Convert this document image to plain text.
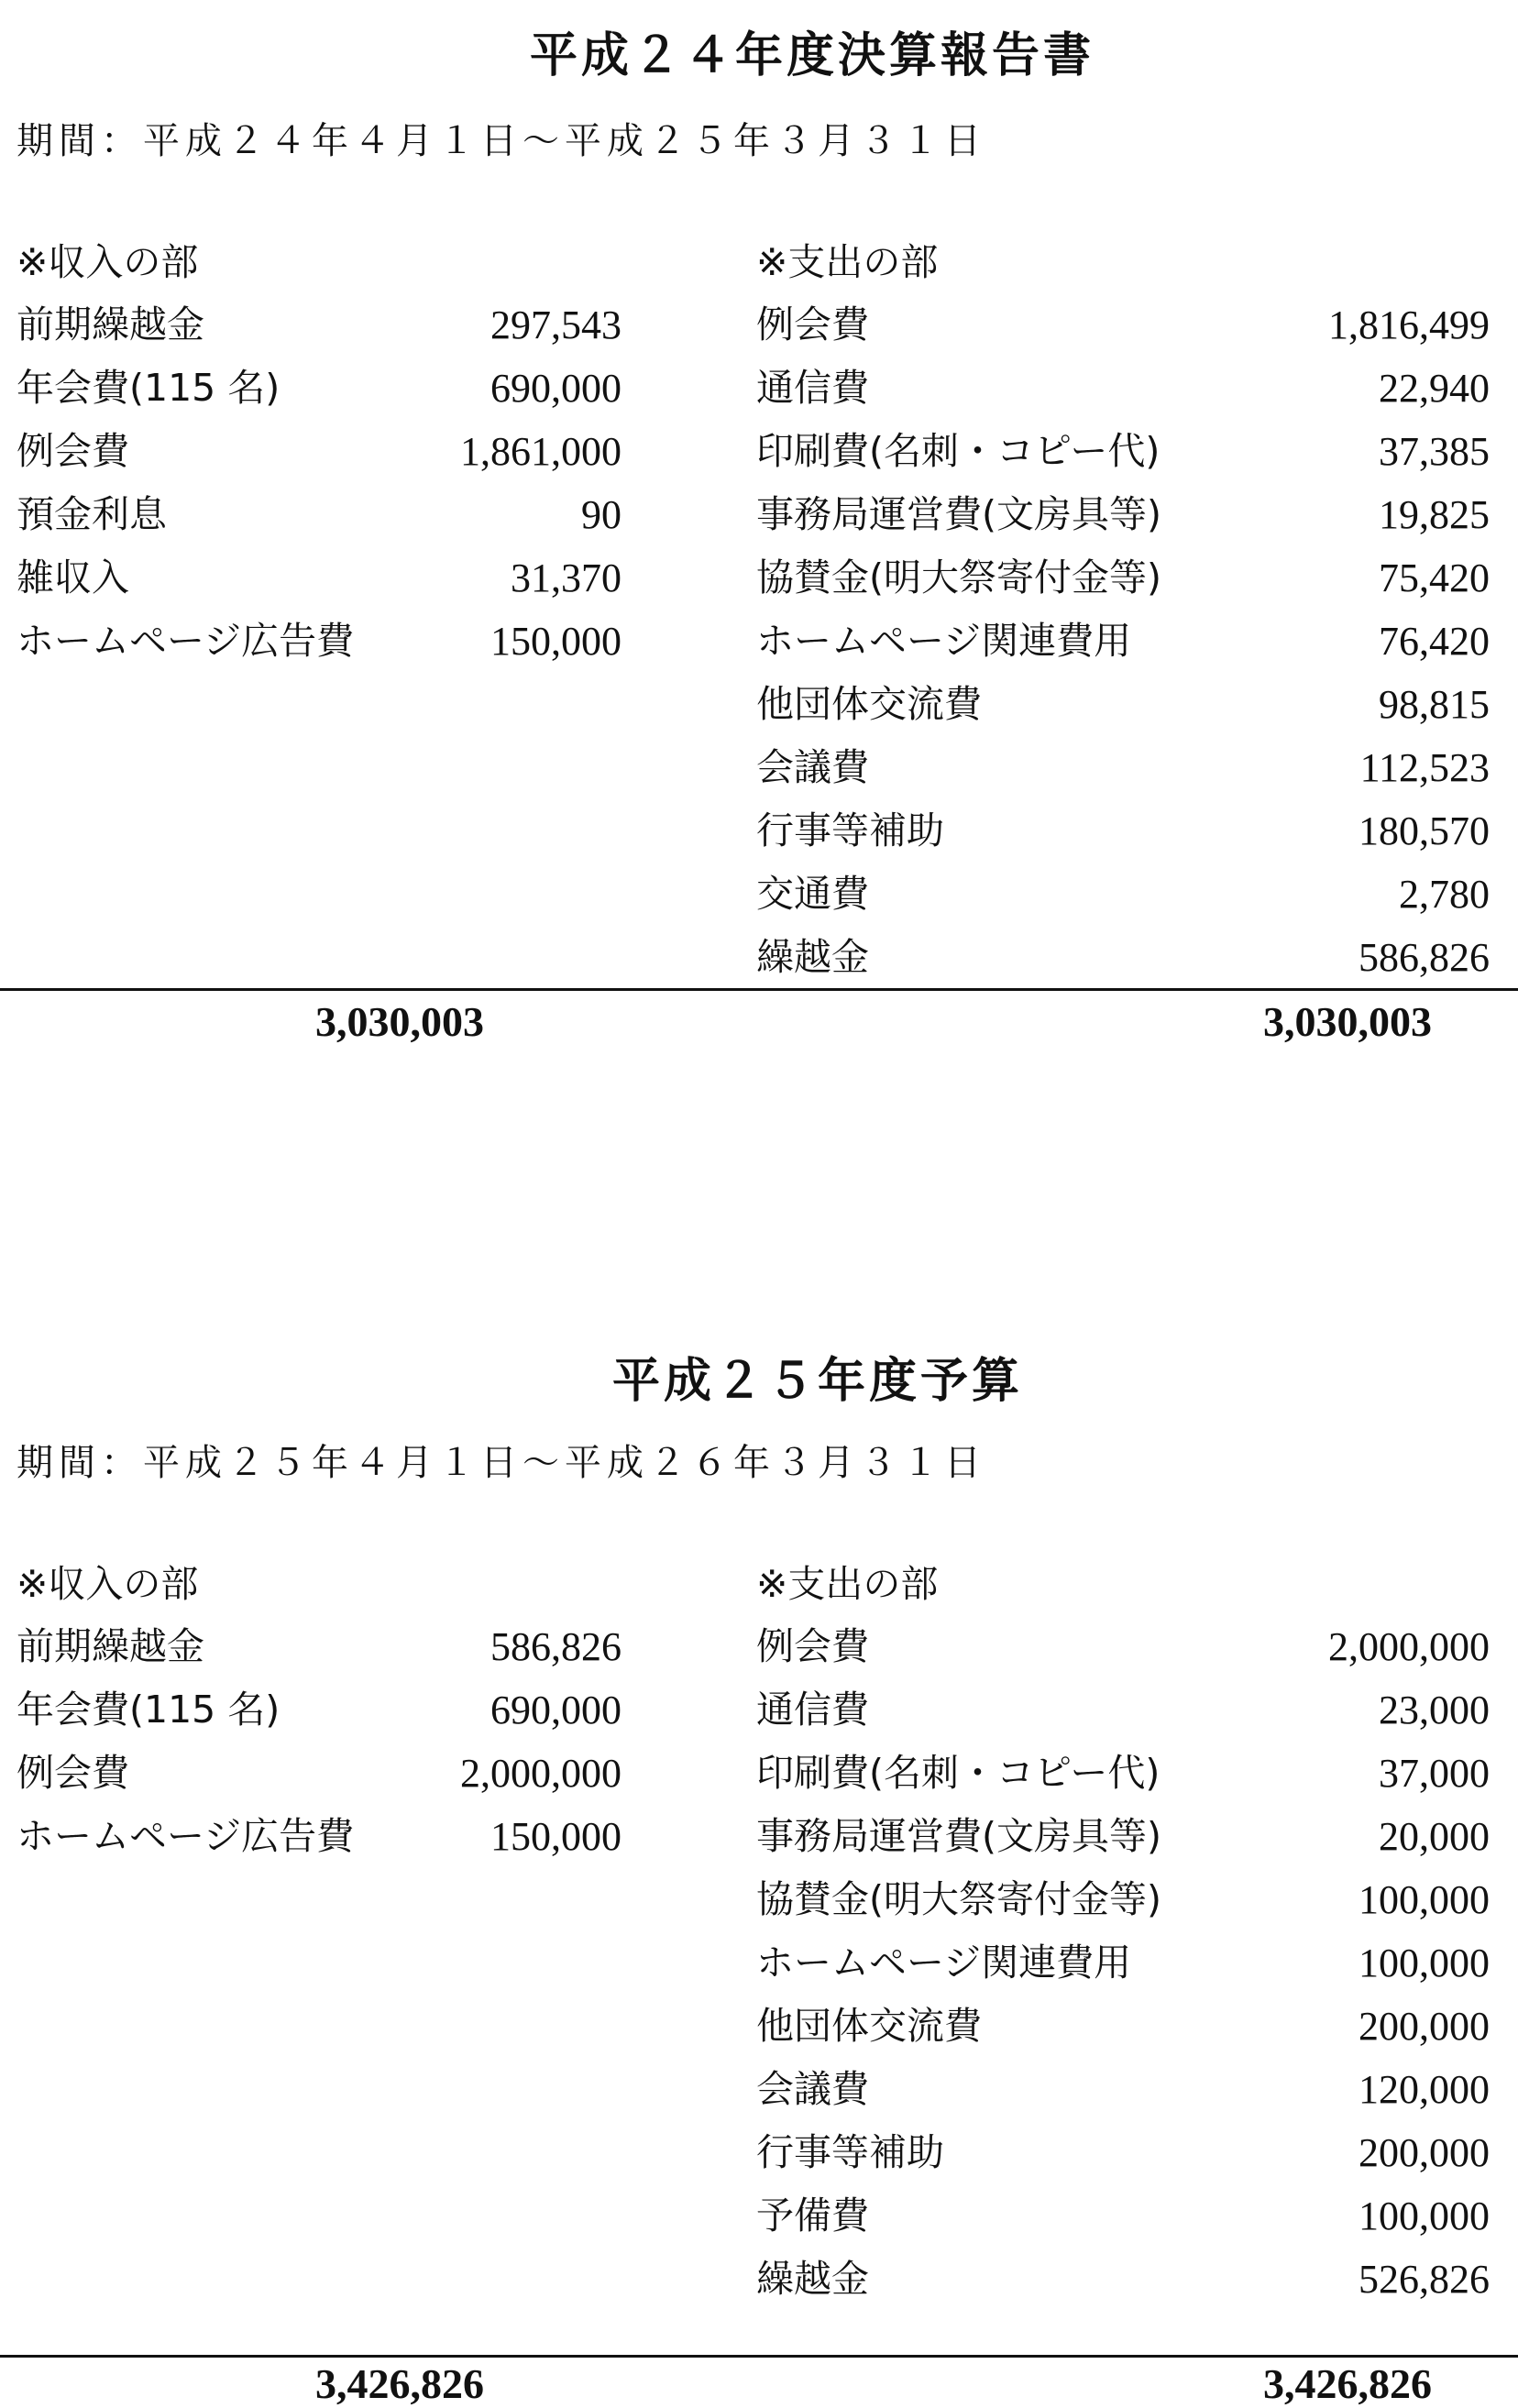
平成２４年度決算報告書
期間：平成２４年４月１日～平成２５年３月３１日
※収入の部
前期繰越金	297,543
年会費(115 名)	690,000
例会費	1,861,000
預金利息	90
雑収入	31,370
ホームページ広告費	150,000
※支出の部
例会費	1,816,499
通信費	22,940
印刷費(名刺・コピー代)	37,385
事務局運営費(文房具等)	19,825
協賛金(明大祭寄付金等)	75,420
ホームページ関連費用	76,420
他団体交流費	98,815
会議費	112,523
行事等補助	180,570
交通費	2,780
繰越金	586,826
3,030,003	3,030,003
平成２５年度予算
期間：平成２５年４月１日～平成２６年３月３１日
※収入の部
前期繰越金	586,826
年会費(115 名)	690,000
例会費	2,000,000
ホームページ広告費	150,000
※支出の部
例会費	2,000,000
通信費	23,000
印刷費(名刺・コピー代)	37,000
事務局運営費(文房具等)	20,000
協賛金(明大祭寄付金等)	100,000
ホームページ関連費用	100,000
他団体交流費	200,000
会議費	120,000
行事等補助	200,000
予備費	100,000
繰越金	526,826
3,426,826	3,426,826
